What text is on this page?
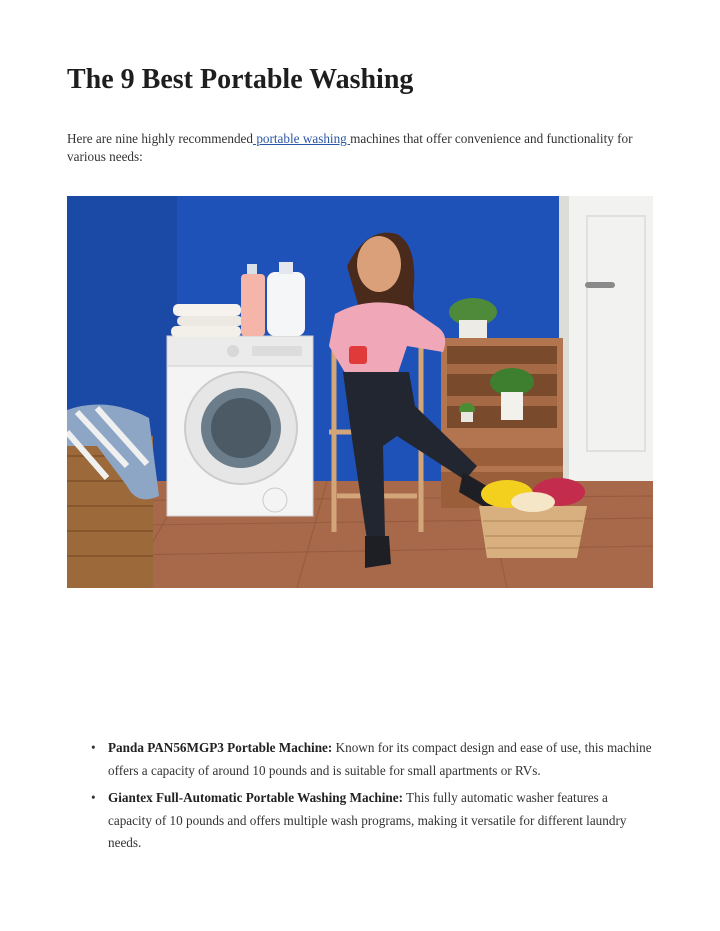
The 9 Best Portable Washing

Here are nine highly recommended portable washing machines that offer convenience and functionality for various needs:

• Panda PAN56MGP3 Portable Machine: Known for its compact design and ease of use, this machine offers a capacity of around 10 pounds and is suitable for small apartments or RVs.
• Giantex Full-Automatic Portable Washing Machine: This fully automatic washer features a capacity of 10 pounds and offers multiple wash programs, making it versatile for different laundry needs.
